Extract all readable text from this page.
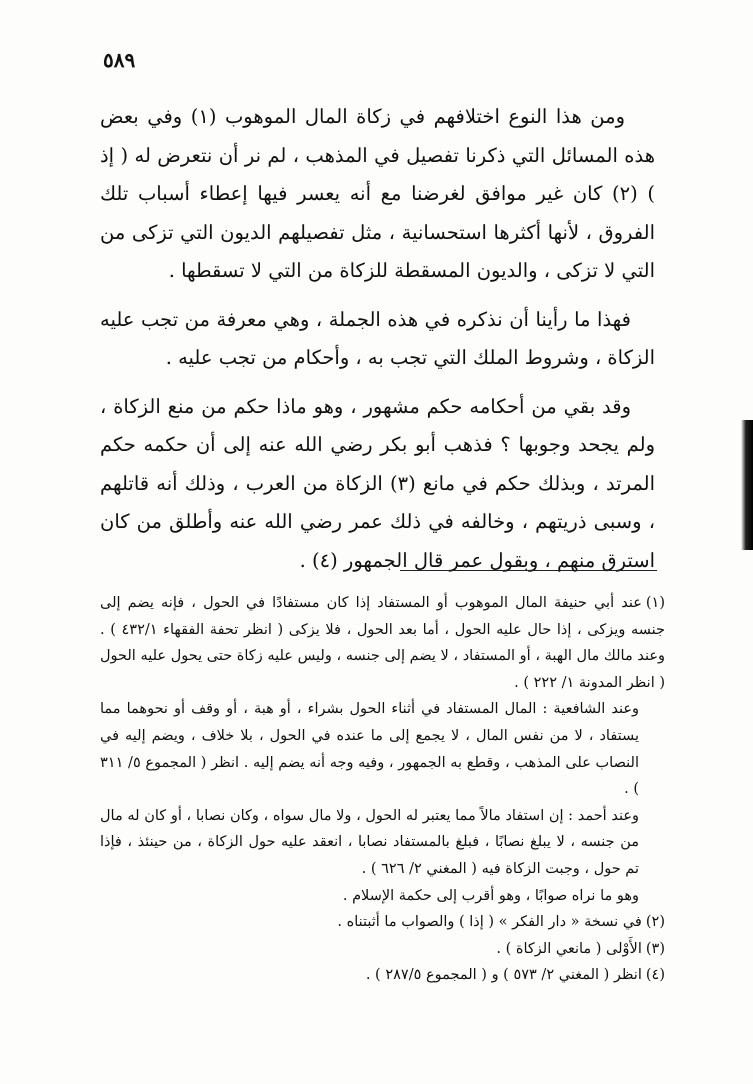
٥٨٩

ومن هذا النوع اختلافهم في زكاة المال الموهوب (١) وفي بعض هذه المسائل التي ذكرنا تفصيل في المذهب ، لم نر أن نتعرض له ( إذ ) (٢) كان غير موافق لغرضنا مع أنه يعسر فيها إعطاء أسباب تلك الفروق ، لأنها أكثرها استحسانية ، مثل تفصيلهم الديون التي تزكى من التي لا تزكى ، والديون المسقطة للزكاة من التي لا تسقطها .

فهذا ما رأينا أن نذكره في هذه الجملة ، وهي معرفة من تجب عليه الزكاة ، وشروط الملك التي تجب به ، وأحكام من تجب عليه .

وقد بقي من أحكامه حكم مشهور ، وهو ماذا حكم من منع الزكاة ، ولم يجحد وجوبها ؟ فذهب أبو بكر رضي الله عنه إلى أن حكمه حكم المرتد ، وبذلك حكم في مانع (٣) الزكاة من العرب ، وذلك أنه قاتلهم ، وسبى ذريتهم ، وخالفه في ذلك عمر رضي الله عنه وأطلق من كان استرق منهم ، وبقول عمر قال الجمهور (٤) .

(١)عند أبي حنيفة المال الموهوب أو المستفاد إذا كان مستفادًا في الحول ، فإنه يضم إلى جنسه ويزكى ، إذا حال عليه الحول ، أما بعد الحول ، فلا يزكى ( انظر تحفة الفقهاء ٤٣٢/١ ) . وعند مالك مال الهبة ، أو المستفاد ، لا يضم إلى جنسه ، وليس عليه زكاة حتى يحول عليه الحول ( انظر المدونة ١/ ٢٢٢ ) .

وعند الشافعية : المال المستفاد في أثناء الحول بشراء ، أو هبة ، أو وقف أو نحوهما مما يستفاد ، لا من نفس المال ، لا يجمع إلى ما عنده في الحول ، بلا خلاف ، ويضم إليه في النصاب على المذهب ، وقطع به الجمهور ، وفيه وجه أنه يضم إليه . انظر ( المجموع ٥/ ٣١١ ) .

وعند أحمد : إن استفاد مالاً مما يعتبر له الحول ، ولا مال سواه ، وكان نصابا ، أو كان له مال من جنسه ، لا يبلغ نصابًا ، فبلغ بالمستفاد نصابا ، انعقد عليه حول الزكاة ، من حينئذ ، فإذا تم حول ، وجبت الزكاة فيه ( المغني ٢/ ٦٢٦ ) .

وهو ما نراه صوابًا ، وهو أقرب إلى حكمة الإسلام .

(٢)في نسخة « دار الفكر » ( إذا ) والصواب ما أثبتناه .

(٣)الأَوْلى ( مانعي الزكاة ) .

(٤)انظر ( المغني ٢/ ٥٧٣ ) و ( المجموع ٢٨٧/٥ ) .
